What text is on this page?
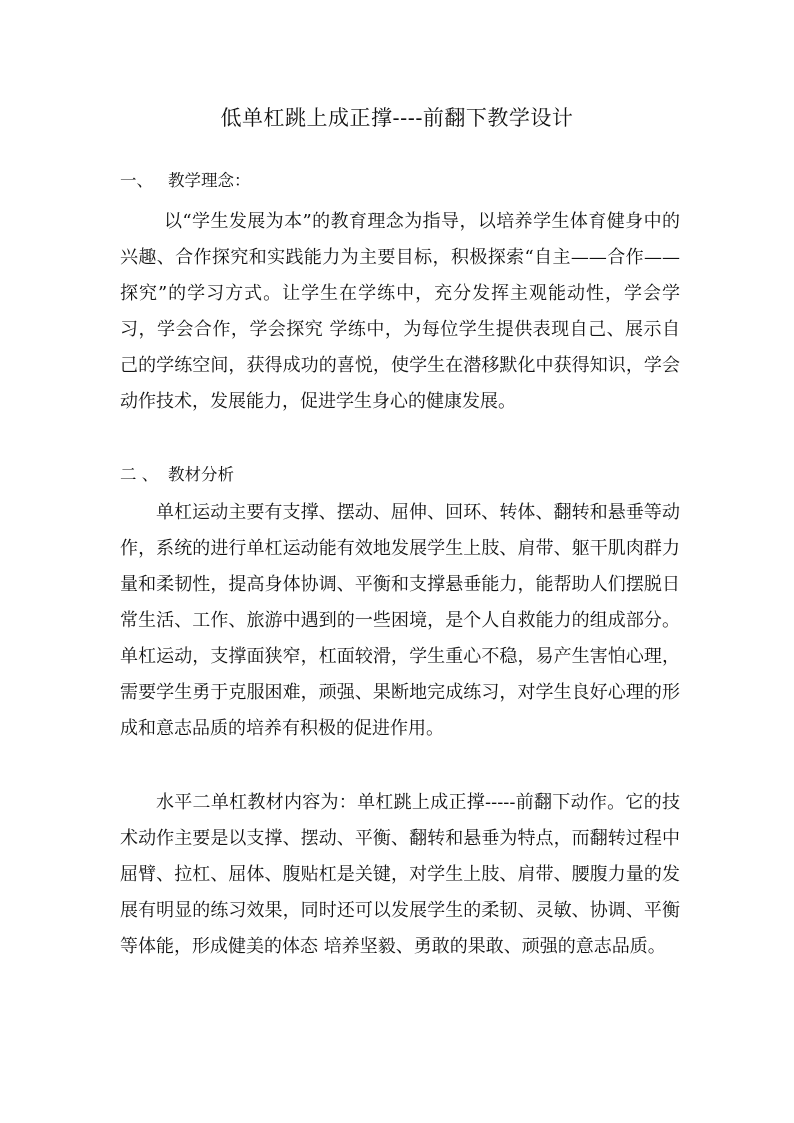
低单杠跳上成正撑----前翻下教学设计
一、 教学理念：

以“学生发展为本”的教育理念为指导，以培养学生体育健身中的兴趣、合作探究和实践能力为主要目标，积极探索“自主——合作——探究”的学习方式。让学生在学练中，充分发挥主观能动性，学会学习，学会合作，学会探究 学练中，为每位学生提供表现自己、展示自己的学练空间，获得成功的喜悦，使学生在潜移默化中获得知识，学会动作技术，发展能力，促进学生身心的健康发展。

二 、 教材分析

单杠运动主要有支撑、摆动、屈伸、回环、转体、翻转和悬垂等动作，系统的进行单杠运动能有效地发展学生上肢、肩带、躯干肌肉群力量和柔韧性，提高身体协调、平衡和支撑悬垂能力，能帮助人们摆脱日常生活、工作、旅游中遇到的一些困境，是个人自救能力的组成部分。单杠运动，支撑面狭窄，杠面较滑，学生重心不稳，易产生害怕心理，需要学生勇于克服困难，顽强、果断地完成练习，对学生良好心理的形成和意志品质的培养有积极的促进作用。

水平二单杠教材内容为：单杠跳上成正撑-----前翻下动作。它的技术动作主要是以支撑、摆动、平衡、翻转和悬垂为特点，而翻转过程中屈臂、拉杠、屈体、腹贴杠是关键，对学生上肢、肩带、腰腹力量的发展有明显的练习效果，同时还可以发展学生的柔韧、灵敏、协调、平衡等体能，形成健美的体态 培养坚毅、勇敢的果敢、顽强的意志品质。
